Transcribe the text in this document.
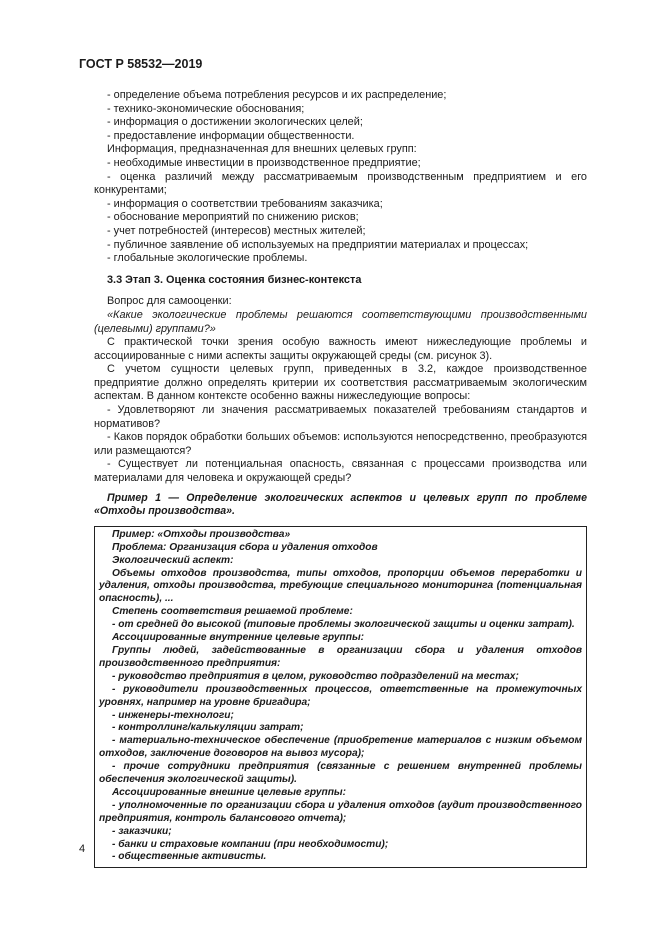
ГОСТ Р 58532—2019

- определение объема потребления ресурсов и их распределение;

- технико-экономические обоснования;

- информация о достижении экологических целей;

- предоставление информации общественности.

Информация, предназначенная для внешних целевых групп:

- необходимые инвестиции в производственное предприятие;

- оценка различий между рассматриваемым производственным предприятием и его конкурентами;

- информация о соответствии требованиям заказчика;

- обоснование мероприятий по снижению рисков;

- учет потребностей (интересов) местных жителей;

- публичное заявление об используемых на предприятии материалах и процессах;

- глобальные экологические проблемы.

3.3 Этап 3. Оценка состояния бизнес-контекста

Вопрос для самооценки:

«Какие экологические проблемы решаются соответствующими производственными (целевыми) группами?»

С практической точки зрения особую важность имеют нижеследующие проблемы и ассоциированные с ними аспекты защиты окружающей среды (см. рисунок 3).

С учетом сущности целевых групп, приведенных в 3.2, каждое производственное предприятие должно определять критерии их соответствия рассматриваемым экологическим аспектам. В данном контексте особенно важны нижеследующие вопросы:

- Удовлетворяют ли значения рассматриваемых показателей требованиям стандартов и нормативов?

- Каков порядок обработки больших объемов: используются непосредственно, преобразуются или размещаются?

- Существует ли потенциальная опасность, связанная с процессами производства или материалами для человека и окружающей среды?

Пример 1 — Определение экологических аспектов и целевых групп по проблеме «Отходы производства».

Пример: «Отходы производства»

Проблема: Организация сбора и удаления отходов

Экологический аспект:

Объемы отходов производства, типы отходов, пропорции объемов переработки и удаления, отходы производства, требующие специального мониторинга (потенциальная опасность), ...

Степень соответствия решаемой проблеме:

- от средней до высокой (типовые проблемы экологической защиты и оценки затрат).

Ассоциированные внутренние целевые группы:

Группы людей, задействованные в организации сбора и удаления отходов производственного предприятия:

- руководство предприятия в целом, руководство подразделений на местах;

- руководители производственных процессов, ответственные на промежуточных уровнях, например на уровне бригадира;

- инженеры-технологи;

- контроллинг/калькуляции затрат;

- материально-техническое обеспечение (приобретение материалов с низким объемом отходов, заключение договоров на вывоз мусора);

- прочие сотрудники предприятия (связанные с решением внутренней проблемы обеспечения экологической защиты).

Ассоциированные внешние целевые группы:

- уполномоченные по организации сбора и удаления отходов (аудит производственного предприятия, контроль балансового отчета);

- заказчики;

- банки и страховые компании (при необходимости);

- общественные активисты.

4
